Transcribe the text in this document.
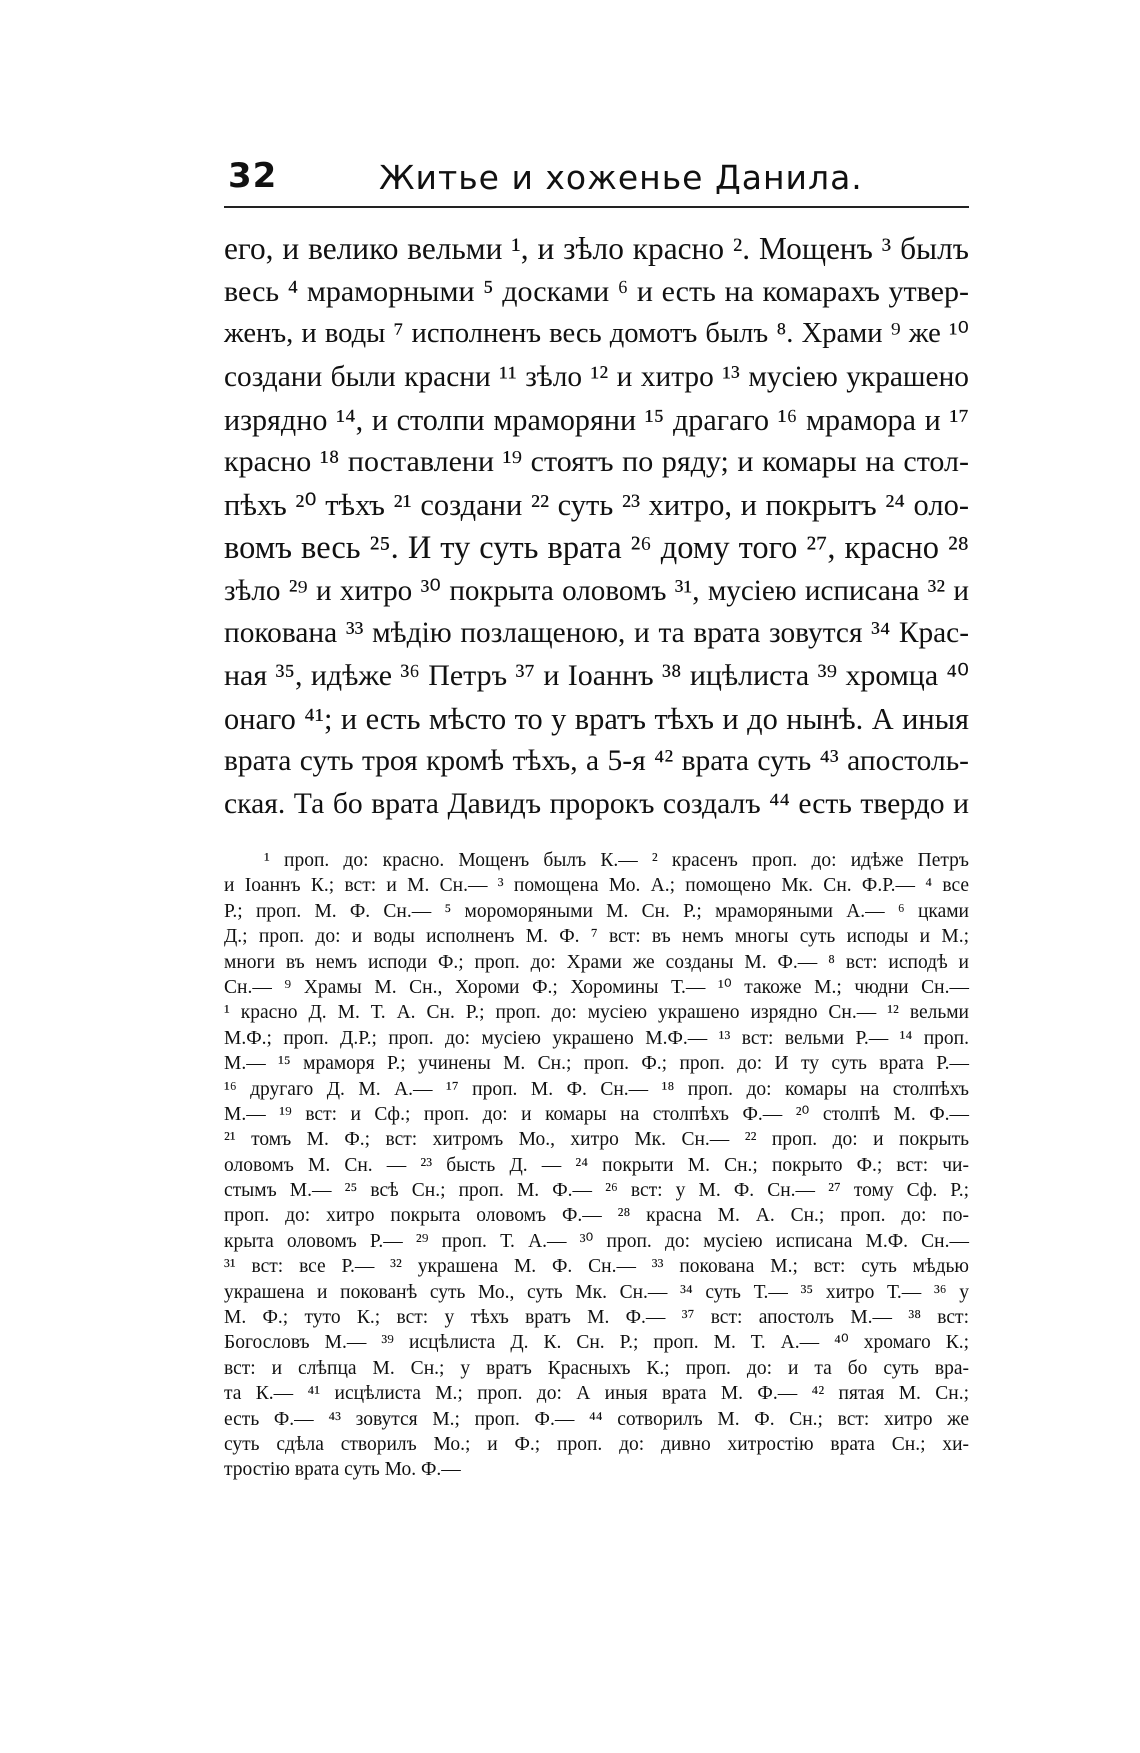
32	Житье и хоженье Данила.
его, и велико вельми ¹, и зѣло красно ². Мощенъ ³ былъ
весь ⁴ мраморными ⁵ досками ⁶ и есть на комарахъ утвер-
женъ, и воды ⁷ исполненъ весь домотъ былъ ⁸. Храми ⁹ же ¹⁰
создани были красни ¹¹ зѣло ¹² и хитро ¹³ мусiею украшено
изрядно ¹⁴, и столпи мраморяни ¹⁵ драгаго ¹⁶ мрамора и ¹⁷
красно ¹⁸ поставлени ¹⁹ стоятъ по ряду; и комары на стол-
пѣхъ ²⁰ тѣхъ ²¹ создани ²² суть ²³ хитро, и покрытъ ²⁴ оло-
вомъ весь ²⁵. И ту суть врата ²⁶ дому того ²⁷, красно ²⁸
зѣло ²⁹ и хитро ³⁰ покрыта оловомъ ³¹, мусiею исписана ³² и
покована ³³ мѣдiю позлащеною, и та врата зовутся ³⁴ Крас-
ная ³⁵, идѣже ³⁶ Петръ ³⁷ и Iоаннъ ³⁸ ицѣлиста ³⁹ хромца ⁴⁰
онаго ⁴¹; и есть мѣсто то у вратъ тѣхъ и до нынѣ. А иныя
врата суть троя кромѣ тѣхъ, а 5-я ⁴² врата суть ⁴³ апостоль-
ская. Та бо врата Давидъ пророкъ создалъ ⁴⁴ есть твердо и
¹ проп. до: красно. Мощенъ былъ К.— ² красенъ проп. до: идѣже Петръ
и Iоаннъ К.; вст: и М. Сн.— ³ помощена Мо. А.; помощено Мк. Сн. Ф.Р.— ⁴ все
Р.; проп. М. Ф. Сн.— ⁵ мороморяными М. Сн. Р.; мраморяными А.— ⁶ цками
Д.; проп. до: и воды исполненъ М. Ф. ⁷ вст: въ немъ многы суть исподы и М.;
многи въ немъ исподи Ф.; проп. до: Храми же созданы М. Ф.— ⁸ вст: исподѣ и
Сн.— ⁹ Храмы М. Сн., Хороми Ф.; Хоромины Т.— ¹⁰ такожe М.; чюдни Сн.—
¹ красно Д. М. Т. А. Сн. Р.; проп. до: мусiею украшено изрядно Сн.— ¹² вельми
М.Ф.; проп. Д.Р.; проп. до: мусiею украшено М.Ф.— ¹³ вст: вельми Р.— ¹⁴ проп.
М.— ¹⁵ мраморя Р.; учинены М. Сн.; проп. Ф.; проп. до: И ту суть врата Р.—
¹⁶ другаго Д. М. А.— ¹⁷ проп. М. Ф. Сн.— ¹⁸ проп. до: комары на столпѣхъ
М.— ¹⁹ вст: и Сф.; проп. до: и комары на столпѣхъ Ф.— ²⁰ столпѣ М. Ф.—
²¹ томъ М. Ф.; вст: хитромъ Мо., хитро Мк. Сн.— ²² проп. до: и покрыть
оловомъ М. Сн. — ²³ бысть Д. — ²⁴ покрыти М. Сн.; покрыто Ф.; вст: чи-
стымъ М.— ²⁵ всѣ Сн.; проп. М. Ф.— ²⁶ вст: у М. Ф. Сн.— ²⁷ тому Сф. Р.;
проп. до: хитро покрыта оловомъ Ф.— ²⁸ красна М. А. Сн.; проп. до: по-
крыта оловомъ Р.— ²⁹ проп. Т. А.— ³⁰ проп. до: мусiею исписана М.Ф. Сн.—
³¹ вст: все Р.— ³² украшена М. Ф. Сн.— ³³ покована М.; вст: суть мѣдью
украшена и покованѣ суть Мо., суть Мк. Сн.— ³⁴ суть Т.— ³⁵ хитро Т.— ³⁶ у
М. Ф.; туто К.; вст: у тѣхъ вратъ М. Ф.— ³⁷ вст: апостолъ М.— ³⁸ вст:
Богословъ М.— ³⁹ исцѣлиста Д. К. Сн. Р.; проп. М. Т. А.— ⁴⁰ хромаго К.;
вст: и слѣпца М. Сн.; у вратъ Красныхъ К.; проп. до: и та бо суть вра-
та К.— ⁴¹ исцѣлиста М.; проп. до: А иныя врата М. Ф.— ⁴² пятая М. Сн.;
есть Ф.— ⁴³ зовутся М.; проп. Ф.— ⁴⁴ сотворилъ М. Ф. Сн.; вст: хитро же
суть сдѣла створилъ Мо.; и Ф.; проп. до: дивно хитростiю врата Сн.; хи-
тростiю врата суть Мо. Ф.—
